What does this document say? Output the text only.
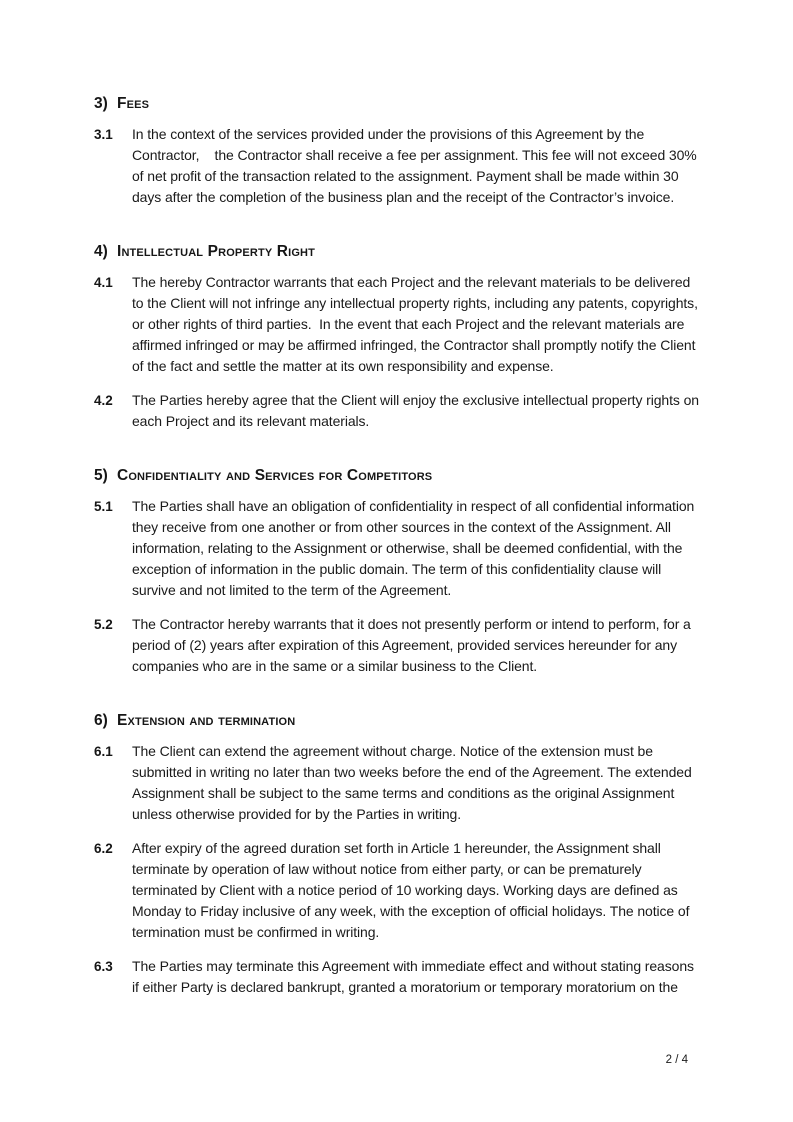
3) Fees
3.1	In the context of the services provided under the provisions of this Agreement by the Contractor,    the Contractor shall receive a fee per assignment. This fee will not exceed 30% of net profit of the transaction related to the assignment. Payment shall be made within 30 days after the completion of the business plan and the receipt of the Contractor’s invoice.
4) Intellectual Property Right
4.1	The hereby Contractor warrants that each Project and the relevant materials to be delivered to the Client will not infringe any intellectual property rights, including any patents, copyrights, or other rights of third parties.  In the event that each Project and the relevant materials are affirmed infringed or may be affirmed infringed, the Contractor shall promptly notify the Client of the fact and settle the matter at its own responsibility and expense.
4.2	The Parties hereby agree that the Client will enjoy the exclusive intellectual property rights on each Project and its relevant materials.
5) Confidentiality and Services for Competitors
5.1	The Parties shall have an obligation of confidentiality in respect of all confidential information they receive from one another or from other sources in the context of the Assignment. All information, relating to the Assignment or otherwise, shall be deemed confidential, with the exception of information in the public domain. The term of this confidentiality clause will survive and not limited to the term of the Agreement.
5.2	The Contractor hereby warrants that it does not presently perform or intend to perform, for a period of (2) years after expiration of this Agreement, provided services hereunder for any companies who are in the same or a similar business to the Client.
6) Extension and termination
6.1	The Client can extend the agreement without charge. Notice of the extension must be submitted in writing no later than two weeks before the end of the Agreement. The extended Assignment shall be subject to the same terms and conditions as the original Assignment unless otherwise provided for by the Parties in writing.
6.2	After expiry of the agreed duration set forth in Article 1 hereunder, the Assignment shall terminate by operation of law without notice from either party, or can be prematurely terminated by Client with a notice period of 10 working days. Working days are defined as Monday to Friday inclusive of any week, with the exception of official holidays. The notice of termination must be confirmed in writing.
6.3	The Parties may terminate this Agreement with immediate effect and without stating reasons if either Party is declared bankrupt, granted a moratorium or temporary moratorium on the
2 / 4
